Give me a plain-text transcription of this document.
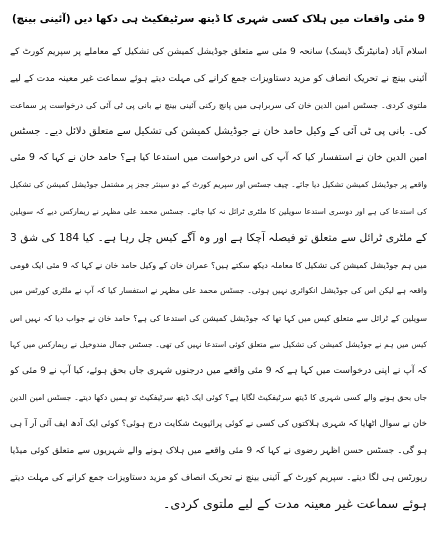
9 مئی واقعات میں ہلاک کسی شہری کا ڈیتھ سرٹیفکیٹ ہی دکھا دیں (آئینی بینچ)
اسلام آباد (مانیٹرنگ ڈیسک) سانحہ 9 مئی سے متعلق جوڈیشل کمیشن کی تشکیل کے معاملے پر سپریم کورٹ کے
آئینی بینچ نے تحریک انصاف کو مزید دستاویزات جمع کرانے کی مہلت دیتے ہوئے سماعت غیر معینہ مدت کے لیے
ملتوی کردی۔ جسٹس امین الدین خان کی سربراہی میں پانچ رکنی آئینی بینچ نے بانی پی ٹی آئی کی درخواست پر سماعت
کی۔ بانی پی ٹی آئی کے وکیل حامد خان نے جوڈیشل کمیشن کی تشکیل سے متعلق دلائل دیے۔ جسٹس
امین الدین خان نے استفسار کیا کہ آپ کی اس درخواست میں استدعا کیا ہے؟ حامد خان نے کہا کہ 9 مئی
واقعے پر جوڈیشل کمیشن تشکیل دیا جائے۔ چیف جسٹس اور سپریم کورٹ کے دو سینئر ججز پر مشتمل جوڈیشل کمیشن کی تشکیل
کی استدعا کی ہے اور دوسری استدعا سویلین کا ملٹری ٹرائل نہ کیا جائے۔ جسٹس محمد علی مظہر نے ریمارکس دیے کہ سویلین
کے ملٹری ٹرائل سے متعلق تو فیصلہ آچکا ہے اور وہ آگے کیس چل رہا ہے۔ کیا 184 کی شق 3
میں ہم جوڈیشل کمیشن کی تشکیل کا معاملہ دیکھ سکتے ہیں؟ عمران خان کے وکیل حامد خان نے کہا کہ 9 مئی ایک قومی
واقعہ ہے لیکن اس کی جوڈیشل انکوائری نہیں ہوئی۔ جسٹس محمد علی مظہر نے استفسار کیا کہ آپ نے ملٹری کورٹس میں
سویلین کے ٹرائل سے متعلق کیس میں کہا تھا کہ جوڈیشل کمیشن کی استدعا کی ہے؟ حامد خان نے جواب دیا کہ نہیں اس
کیس میں ہم نے جوڈیشل کمیشن کی تشکیل سے متعلق کوئی استدعا نہیں کی تھی۔ جسٹس جمال مندوخیل نے ریمارکس میں کہا
کہ آپ نے اپنی درخواست میں کہا ہے کہ 9 مئی واقعے میں درجنوں شہری جاں بحق ہوئے، کیا آپ نے 9 مئی کو
جاں بحق ہونے والے کسی شہری کا ڈیتھ سرٹیفکیٹ لگایا ہے؟ کوئی ایک ڈیتھ سرٹیفکیٹ تو ہمیں دکھا دیتے۔ جسٹس امین الدین
خان نے سوال اٹھایا کہ شہری ہلاکتوں کی کسی نے کوئی پرائیویٹ شکایت درج ہوئی؟ کوئی ایک آدھ ایف آئی آر آ ہی
ہو گی۔ جسٹس حسن اظہر رضوی نے کہا کہ 9 مئی واقعے میں ہلاک ہونے والے شہریوں سے متعلق کوئی میڈیا
رپورٹس ہی لگا دیتے۔ سپریم کورٹ کے آئینی بینچ نے تحریک انصاف کو مزید دستاویزات جمع کرانے کی مہلت دیتے
ہوئے سماعت غیر معینہ مدت کے لیے ملتوی کردی۔
